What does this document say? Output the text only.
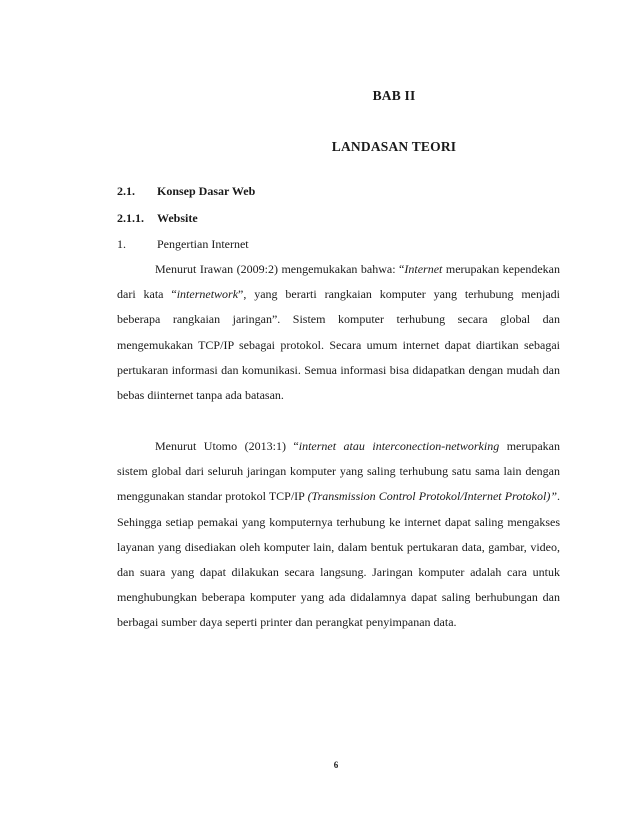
BAB II
LANDASAN TEORI
2.1. Konsep Dasar Web
2.1.1. Website
1.	Pengertian Internet

Menurut Irawan (2009:2) mengemukakan bahwa: “Internet merupakan kependekan dari kata “internetwork”, yang berarti rangkaian komputer yang terhubung menjadi beberapa rangkaian jaringan”. Sistem komputer terhubung secara global dan mengemukakan TCP/IP sebagai protokol. Secara umum internet dapat diartikan sebagai pertukaran informasi dan komunikasi. Semua informasi bisa didapatkan dengan mudah dan bebas diinternet tanpa ada batasan.

Menurut Utomo (2013:1) “internet atau interconection-networking merupakan sistem global dari seluruh jaringan komputer yang saling terhubung satu sama lain dengan menggunakan standar protokol TCP/IP (Transmission Control Protokol/Internet Protokol)”. Sehingga setiap pemakai yang komputernya terhubung ke internet dapat saling mengakses layanan yang disediakan oleh komputer lain, dalam bentuk pertukaran data, gambar, video, dan suara yang dapat dilakukan secara langsung. Jaringan komputer adalah cara untuk menghubungkan beberapa komputer yang ada didalamnya dapat saling berhubungan dan berbagai sumber daya seperti printer dan perangkat penyimpanan data.

6
